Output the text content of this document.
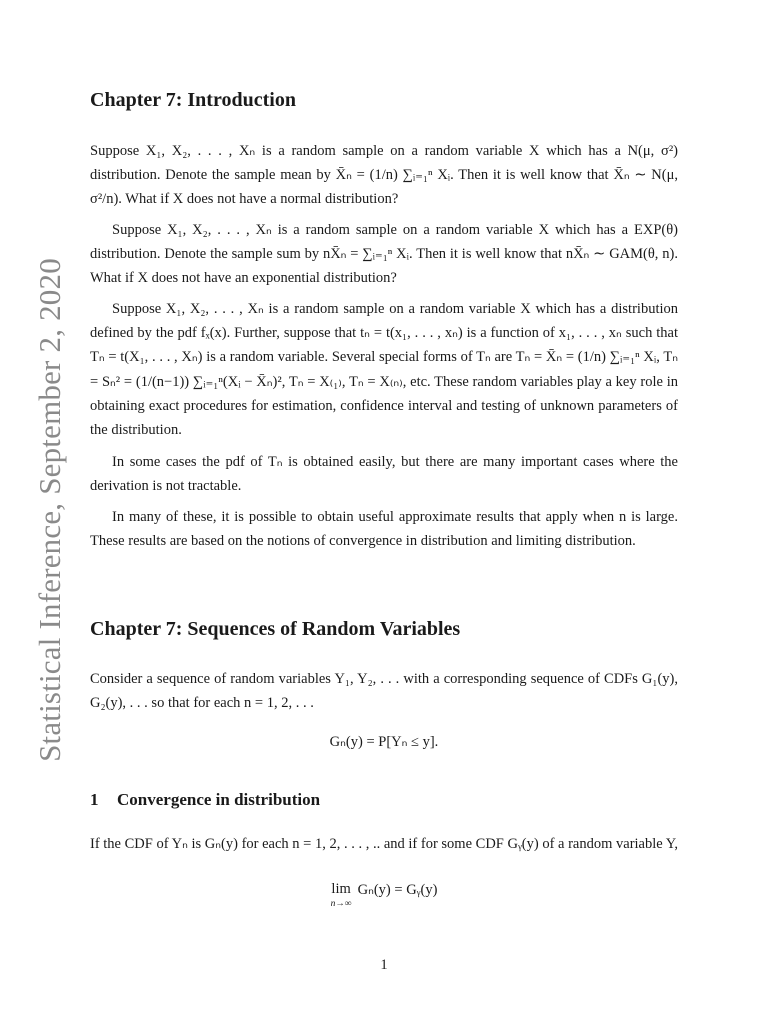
Statistical Inference, September 2, 2020
Chapter 7: Introduction

Suppose X₁, X₂, . . . , Xₙ is a random sample on a random variable X which has a N(μ, σ²) distribution. Denote the sample mean by X̄ₙ = (1/n) ∑ᵢ₌₁ⁿ Xᵢ. Then it is well know that X̄ₙ ∼ N(μ, σ²/n). What if X does not have a normal distribution?

Suppose X₁, X₂, . . . , Xₙ is a random sample on a random variable X which has a EXP(θ) distribution. Denote the sample sum by nX̄ₙ = ∑ᵢ₌₁ⁿ Xᵢ. Then it is well know that nX̄ₙ ∼ GAM(θ, n). What if X does not have an exponential distribution?

Suppose X₁, X₂, . . . , Xₙ is a random sample on a random variable X which has a distribution defined by the pdf fₓ(x). Further, suppose that tₙ = t(x₁, . . . , xₙ) is a function of x₁, . . . , xₙ such that Tₙ = t(X₁, . . . , Xₙ) is a random variable. Several special forms of Tₙ are Tₙ = X̄ₙ = (1/n) ∑ᵢ₌₁ⁿ Xᵢ, Tₙ = Sₙ² = (1/(n−1)) ∑ᵢ₌₁ⁿ(Xᵢ − X̄ₙ)², Tₙ = X₍₁₎, Tₙ = X₍ₙ₎, etc. These random variables play a key role in obtaining exact procedures for estimation, confidence interval and testing of unknown parameters of the distribution.

In some cases the pdf of Tₙ is obtained easily, but there are many important cases where the derivation is not tractable.

In many of these, it is possible to obtain useful approximate results that apply when n is large. These results are based on the notions of convergence in distribution and limiting distribution.

Chapter 7: Sequences of Random Variables

Consider a sequence of random variables Y₁, Y₂, . . . with a corresponding sequence of CDFs G₁(y), G₂(y), . . . so that for each n = 1, 2, . . .

Gₙ(y) = P[Yₙ ≤ y].
1 Convergence in distribution

If the CDF of Yₙ is Gₙ(y) for each n = 1, 2, . . . , .. and if for some CDF Gᵧ(y) of a random variable Y,

lim
n→∞
Gₙ(y) = Gᵧ(y)
1
